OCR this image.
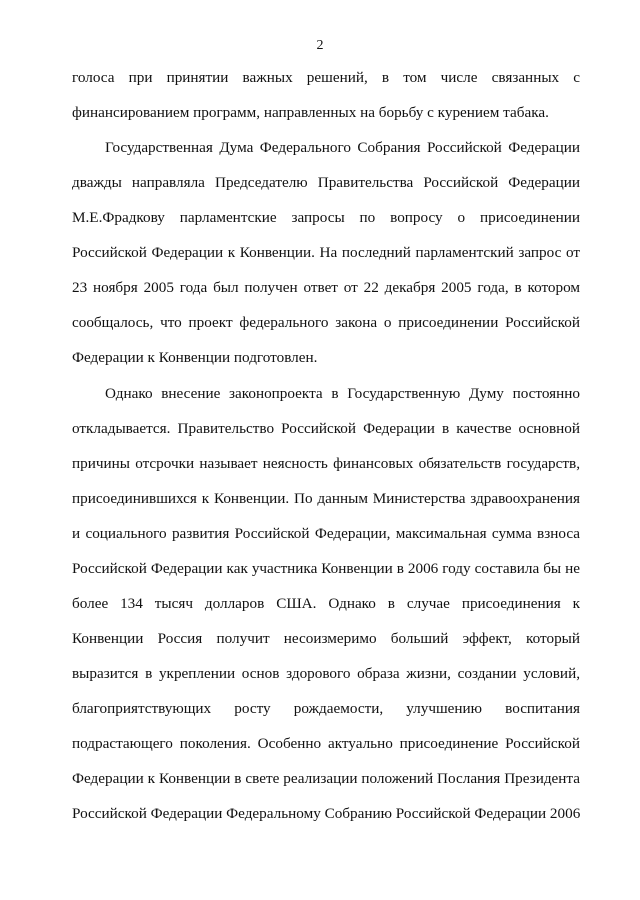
2
голоса при принятии важных решений, в том числе связанных с
финансированием программ, направленных на борьбу с курением табака.
Государственная Дума Федерального Собрания Российской Федерации
дважды направляла Председателю Правительства Российской Федерации
М.Е.Фрадкову парламентские запросы по вопросу о присоединении
Российской Федерации к Конвенции. На последний парламентский запрос от
23 ноября 2005 года был получен ответ от 22 декабря 2005 года, в котором
сообщалось, что проект федерального закона о присоединении Российской
Федерации к Конвенции подготовлен.
Однако внесение законопроекта в Государственную Думу постоянно
откладывается. Правительство Российской Федерации в качестве основной
причины отсрочки называет неясность финансовых обязательств государств,
присоединившихся к Конвенции. По данным Министерства здравоохранения
и социального развития Российской Федерации, максимальная сумма взноса
Российской Федерации как участника Конвенции в 2006 году составила бы не
более 134 тысяч долларов США. Однако в случае присоединения к
Конвенции Россия получит несоизмеримо больший эффект, который
выразится в укреплении основ здорового образа жизни, создании условий,
благоприятствующих росту рождаемости, улучшению воспитания
подрастающего поколения. Особенно актуально присоединение Российской
Федерации к Конвенции в свете реализации положений Послания Президента
Российской Федерации Федеральному Собранию Российской Федерации 2006
